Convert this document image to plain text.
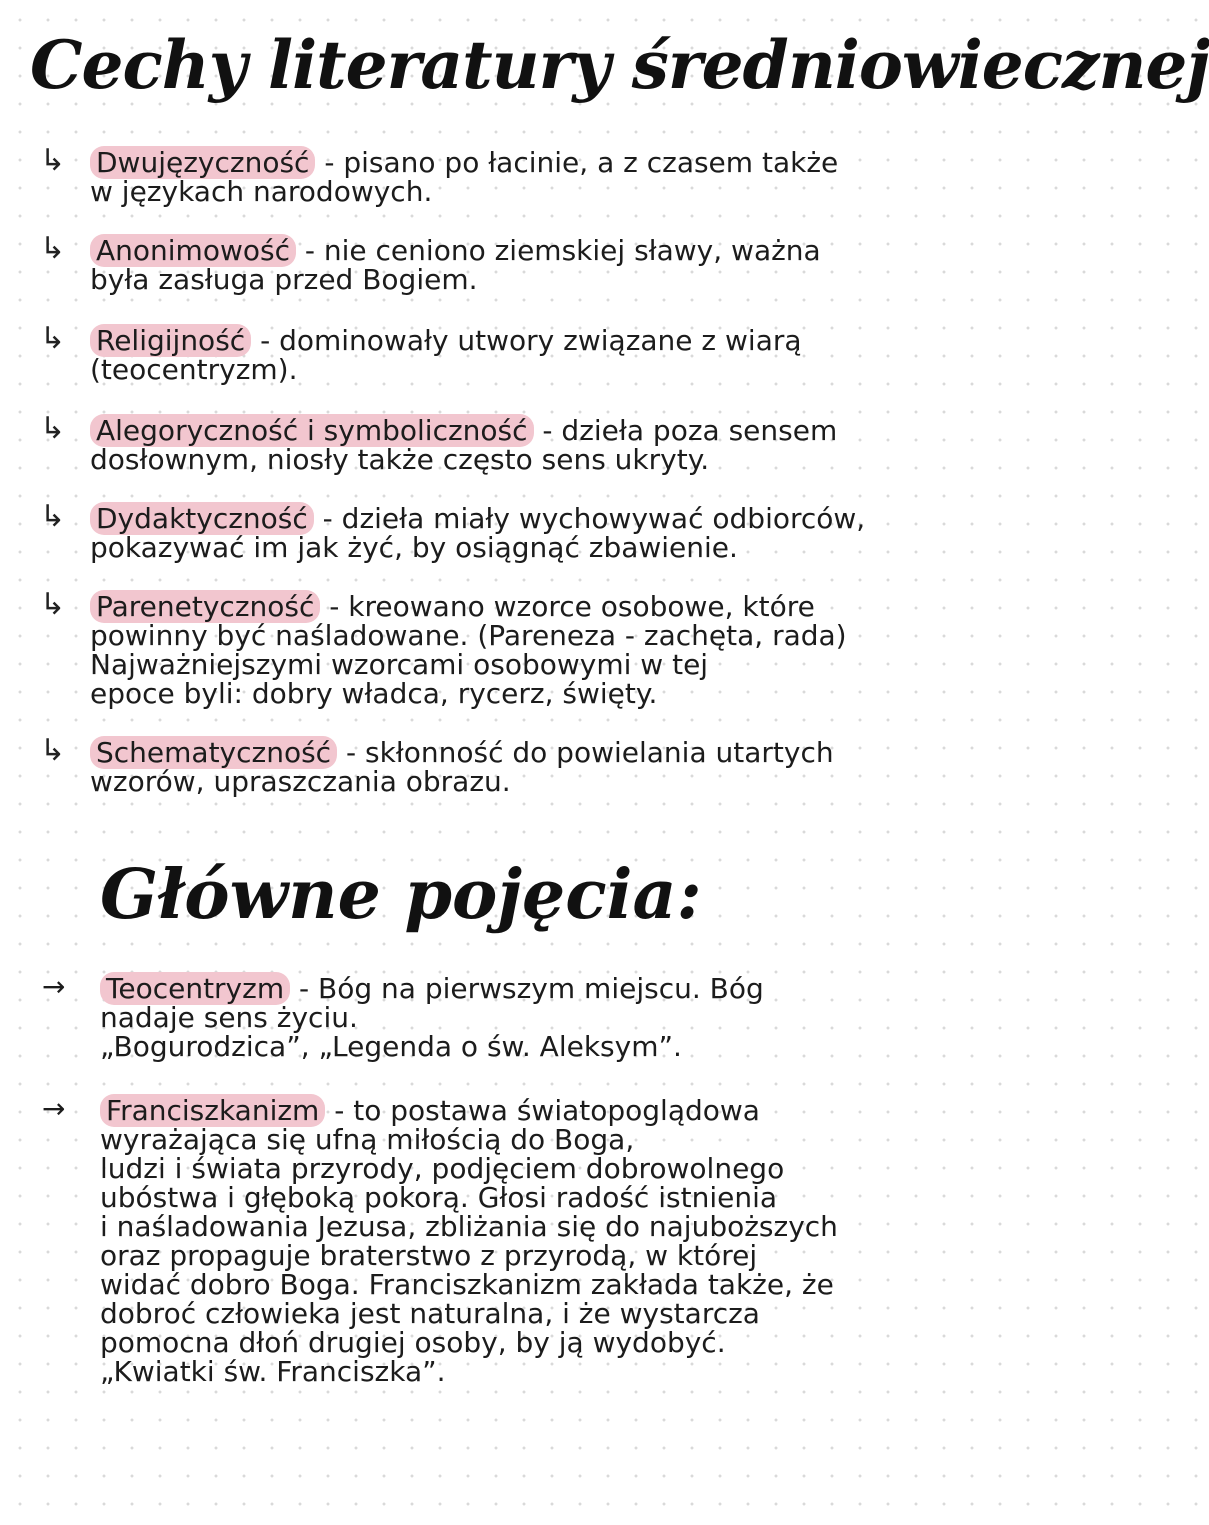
Cechy literatury średniowiecznej
↳	Dwujęzyczność - pisano po łacinie, a z czasem także
w językach narodowych.
↳	Anonimowość - nie ceniono ziemskiej sławy, ważna
była zasługa przed Bogiem.
↳	Religijność - dominowały utwory związane z wiarą
(teocentryzm).
↳	Alegoryczność i symboliczność - dzieła poza sensem
dosłownym, niosły także często sens ukryty.
↳	Dydaktyczność - dzieła miały wychowywać odbiorców,
pokazywać im jak żyć, by osiągnąć zbawienie.
↳	Parenetyczność - kreowano wzorce osobowe, które
powinny być naśladowane. (Pareneza - zachęta, rada)
Najważniejszymi wzorcami osobowymi w tej
epoce byli: dobry władca, rycerz, święty.
↳	Schematyczność - skłonność do powielania utartych
wzorów, upraszczania obrazu.
Główne pojęcia:
→	Teocentryzm - Bóg na pierwszym miejscu. Bóg
nadaje sens życiu.
„Bogurodzica”, „Legenda o św. Aleksym”.
→	Franciszkanizm - to postawa światopoglądowa
wyrażająca się ufną miłością do Boga,
ludzi i świata przyrody, podjęciem dobrowolnego
ubóstwa i głęboką pokorą. Głosi radość istnienia
i naśladowania Jezusa, zbliżania się do najuboższych
oraz propaguje braterstwo z przyrodą, w której
widać dobro Boga. Franciszkanizm zakłada także, że
dobroć człowieka jest naturalna, i że wystarcza
pomocna dłoń drugiej osoby, by ją wydobyć.
„Kwiatki św. Franciszka”.
